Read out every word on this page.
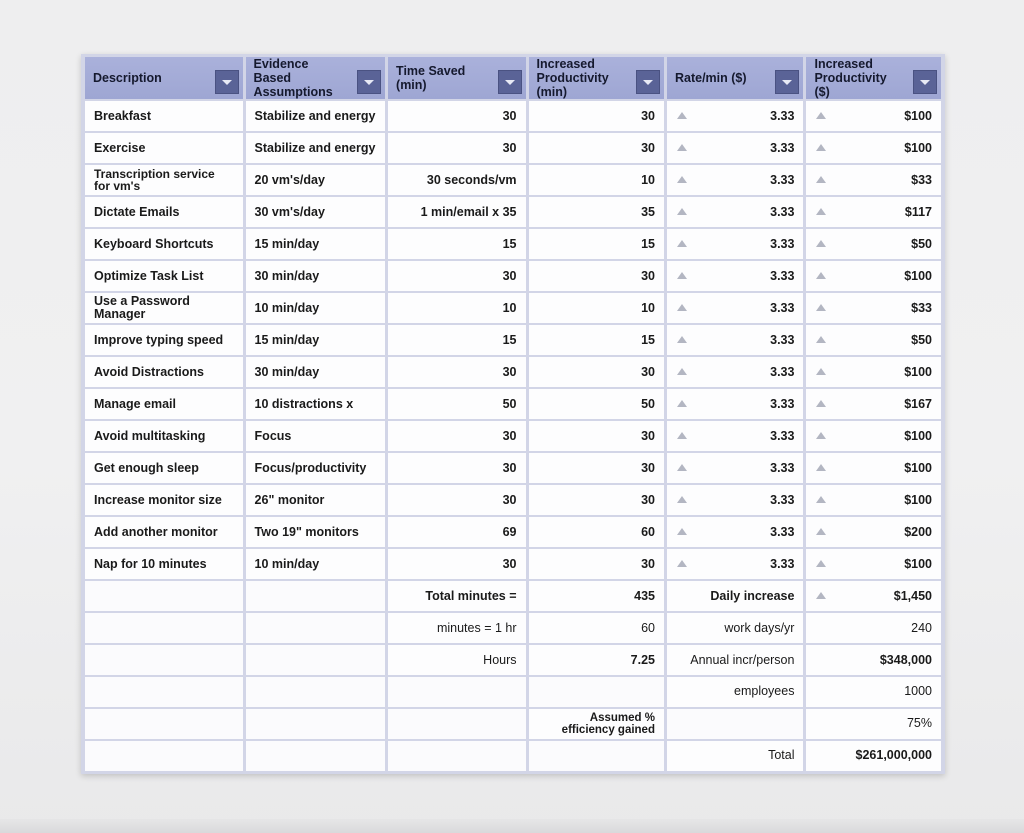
Description	Evidence Based Assumptions	Time Saved (min)	Increased Productivity (min)	Rate/min ($)	Increased Productivity ($)

Breakfast	Stabilize and energy	30	30	3.33	$100
Exercise	Stabilize and energy	30	30	3.33	$100
Transcription service for vm's	20 vm's/day	30 seconds/vm	10	3.33	$33
Dictate Emails	30 vm's/day	1 min/email x 35	35	3.33	$117
Keyboard Shortcuts	15 min/day	15	15	3.33	$50
Optimize Task List	30 min/day	30	30	3.33	$100
Use a Password Manager	10 min/day	10	10	3.33	$33
Improve typing speed	15 min/day	15	15	3.33	$50
Avoid Distractions	30 min/day	30	30	3.33	$100
Manage email	10 distractions x	50	50	3.33	$167
Avoid multitasking	Focus	30	30	3.33	$100
Get enough sleep	Focus/productivity	30	30	3.33	$100
Increase monitor size	26" monitor	30	30	3.33	$100
Add another monitor	Two 19" monitors	69	60	3.33	$200
Nap for 10 minutes	10 min/day	30	30	3.33	$100
		Total minutes =	435	Daily increase	$1,450
		minutes = 1 hr	60	work days/yr	240
		Hours	7.25	Annual incr/person	$348,000
				employees	1000
			Assumed % efficiency gained		75%
				Total	$261,000,000
